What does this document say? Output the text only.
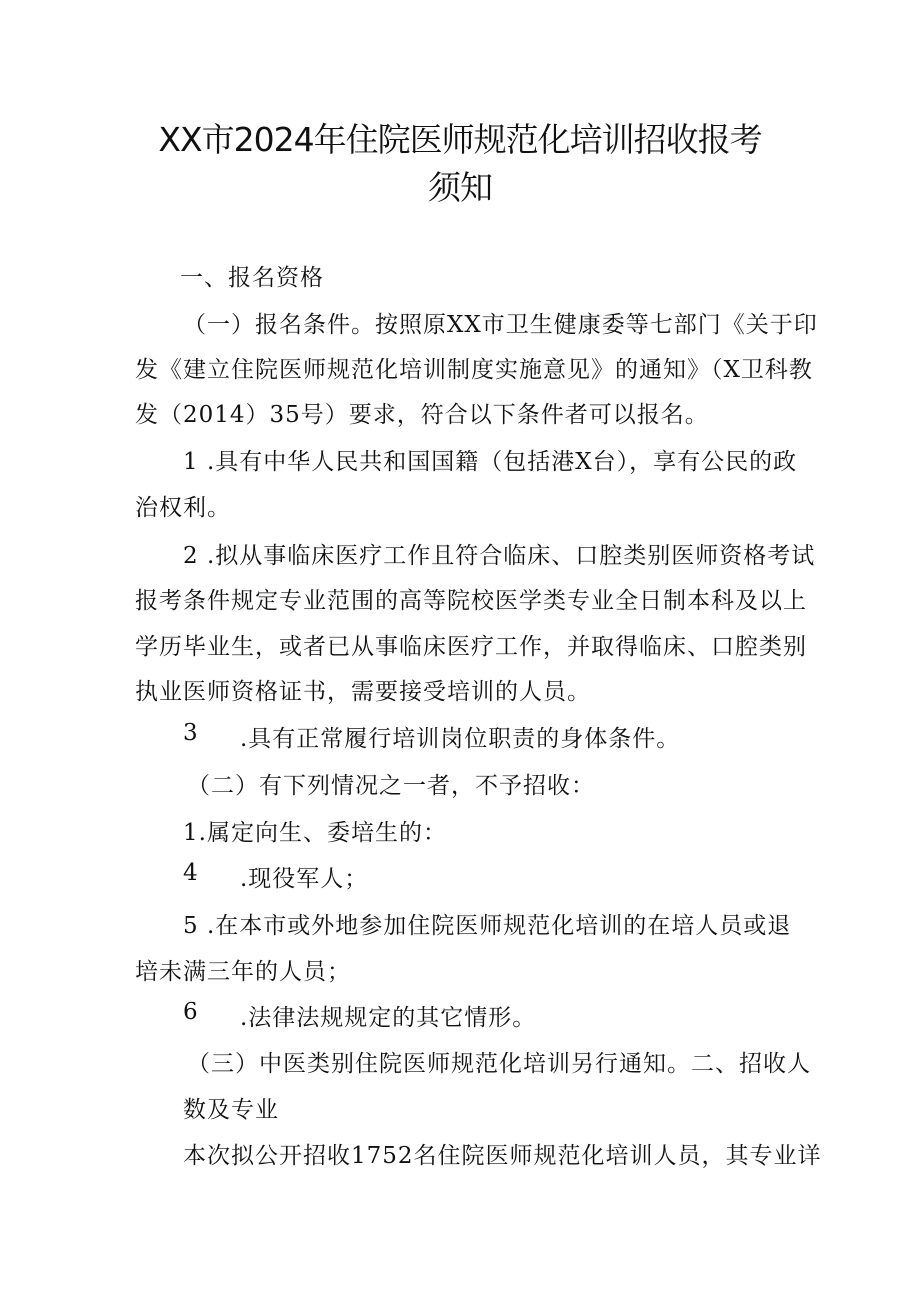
XX市2024年住院医师规范化培训招收报考
须知
一、报名资格
（一）报名条件。按照原XX市卫生健康委等七部门《关于印
发《建立住院医师规范化培训制度实施意见》的通知》（X卫科教
发（2014）35号）要求，符合以下条件者可以报名。
1 .具有中华人民共和国国籍（包括港X台），享有公民的政
治权利。
2 .拟从事临床医疗工作且符合临床、口腔类别医师资格考试
报考条件规定专业范围的高等院校医学类专业全日制本科及以上
学历毕业生，或者已从事临床医疗工作，并取得临床、口腔类别
执业医师资格证书，需要接受培训的人员。
3 .具有正常履行培训岗位职责的身体条件。
（二）有下列情况之一者，不予招收：
1.属定向生、委培生的：
4 .现役军人；
5 .在本市或外地参加住院医师规范化培训的在培人员或退
培未满三年的人员；
6 .法律法规规定的其它情形。
（三）中医类别住院医师规范化培训另行通知。二、招收人
数及专业
本次拟公开招收1752名住院医师规范化培训人员，其专业详
